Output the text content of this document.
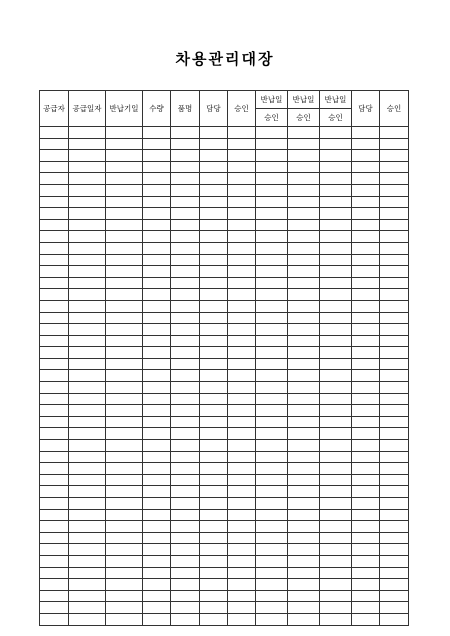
차용관리대장
공급자	공급일자	반납기일	수량	품명	담당	승인	반납일	반납일	반납일	담당	승인
							승인	승인	승인		
